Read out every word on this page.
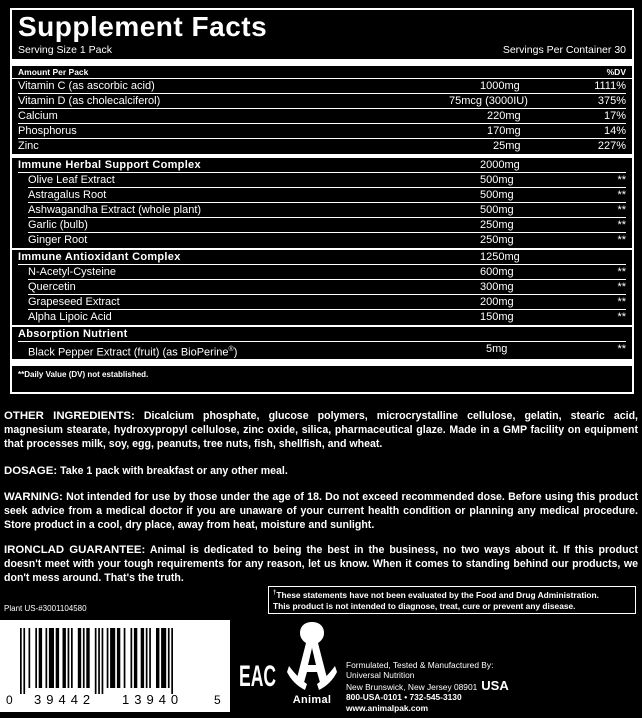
Supplement Facts
Serving Size 1 Pack	Servings Per Container 30
Amount Per Pack	%DV
Vitamin C (as ascorbic acid)	1000mg	1111%
Vitamin D (as cholecalciferol)	75mcg (3000IU)	375%
Calcium	220mg	17%
Phosphorus	170mg	14%
Zinc	25mg	227%
Immune Herbal Support Complex	2000mg
Olive Leaf Extract	500mg	**
Astragalus Root	500mg	**
Ashwagandha Extract (whole plant)	500mg	**
Garlic (bulb)	250mg	**
Ginger Root	250mg	**
Immune Antioxidant Complex	1250mg
N-Acetyl-Cysteine	600mg	**
Quercetin	300mg	**
Grapeseed Extract	200mg	**
Alpha Lipoic Acid	150mg	**
Absorption Nutrient
Black Pepper Extract (fruit) (as BioPerine®)	5mg	**
**Daily Value (DV) not established.
OTHER INGREDIENTS: Dicalcium phosphate, glucose polymers, microcrystalline cellulose, gelatin, stearic acid, magnesium stearate, hydroxypropyl cellulose, zinc oxide, silica, pharmaceutical glaze. Made in a GMP facility on equipment that processes milk, soy, egg, peanuts, tree nuts, fish, shellfish, and wheat.
DOSAGE: Take 1 pack with breakfast or any other meal.
WARNING: Not intended for use by those under the age of 18. Do not exceed recommended dose. Before using this product seek advice from a medical doctor if you are unaware of your current health condition or planning any medical procedure. Store product in a cool, dry place, away from heat, moisture and sunlight.
IRONCLAD GUARANTEE: Animal is dedicated to being the best in the business, no two ways about it. If this product doesn't meet with your tough requirements for any reason, let us know. When it comes to standing behind our products, we don't mess around. That's the truth.
†These statements have not been evaluated by the Food and Drug Administration.
This product is not intended to diagnose, treat, cure or prevent any disease.
Plant US-#3001104580
0 39442 13940	5
EAC
Animal
Formulated, Tested & Manufactured By:
Universal Nutrition
New Brunswick, New Jersey 08901 USA
800-USA-0101 • 732-545-3130
www.animalpak.com
